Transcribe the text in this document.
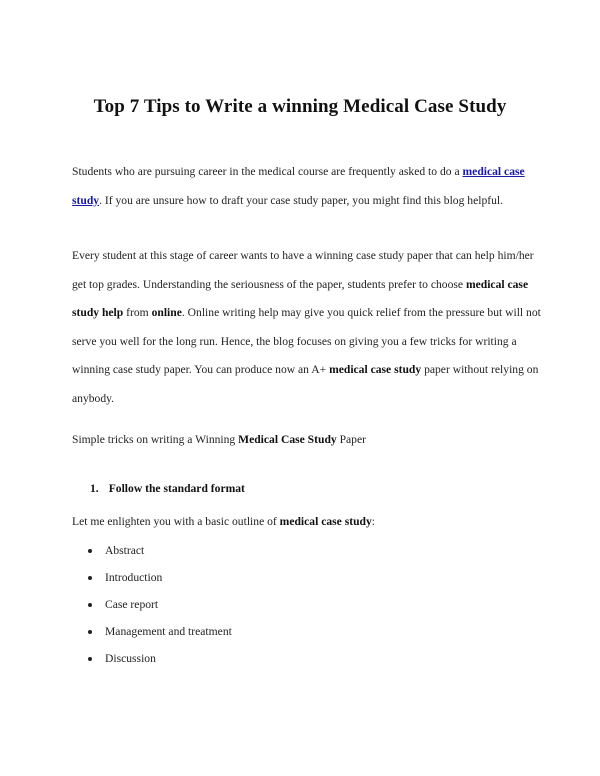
Top 7 Tips to Write a winning Medical Case Study

Students who are pursuing career in the medical course are frequently asked to do a medical case study. If you are unsure how to draft your case study paper, you might find this blog helpful.

Every student at this stage of career wants to have a winning case study paper that can help him/her get top grades. Understanding the seriousness of the paper, students prefer to choose medical case study help from online. Online writing help may give you quick relief from the pressure but will not serve you well for the long run. Hence, the blog focuses on giving you a few tricks for writing a winning case study paper. You can produce now an A+ medical case study paper without relying on anybody.

Simple tricks on writing a Winning Medical Case Study Paper

1. Follow the standard format

Let me enlighten you with a basic outline of medical case study:

Abstract
Introduction
Case report
Management and treatment
Discussion
